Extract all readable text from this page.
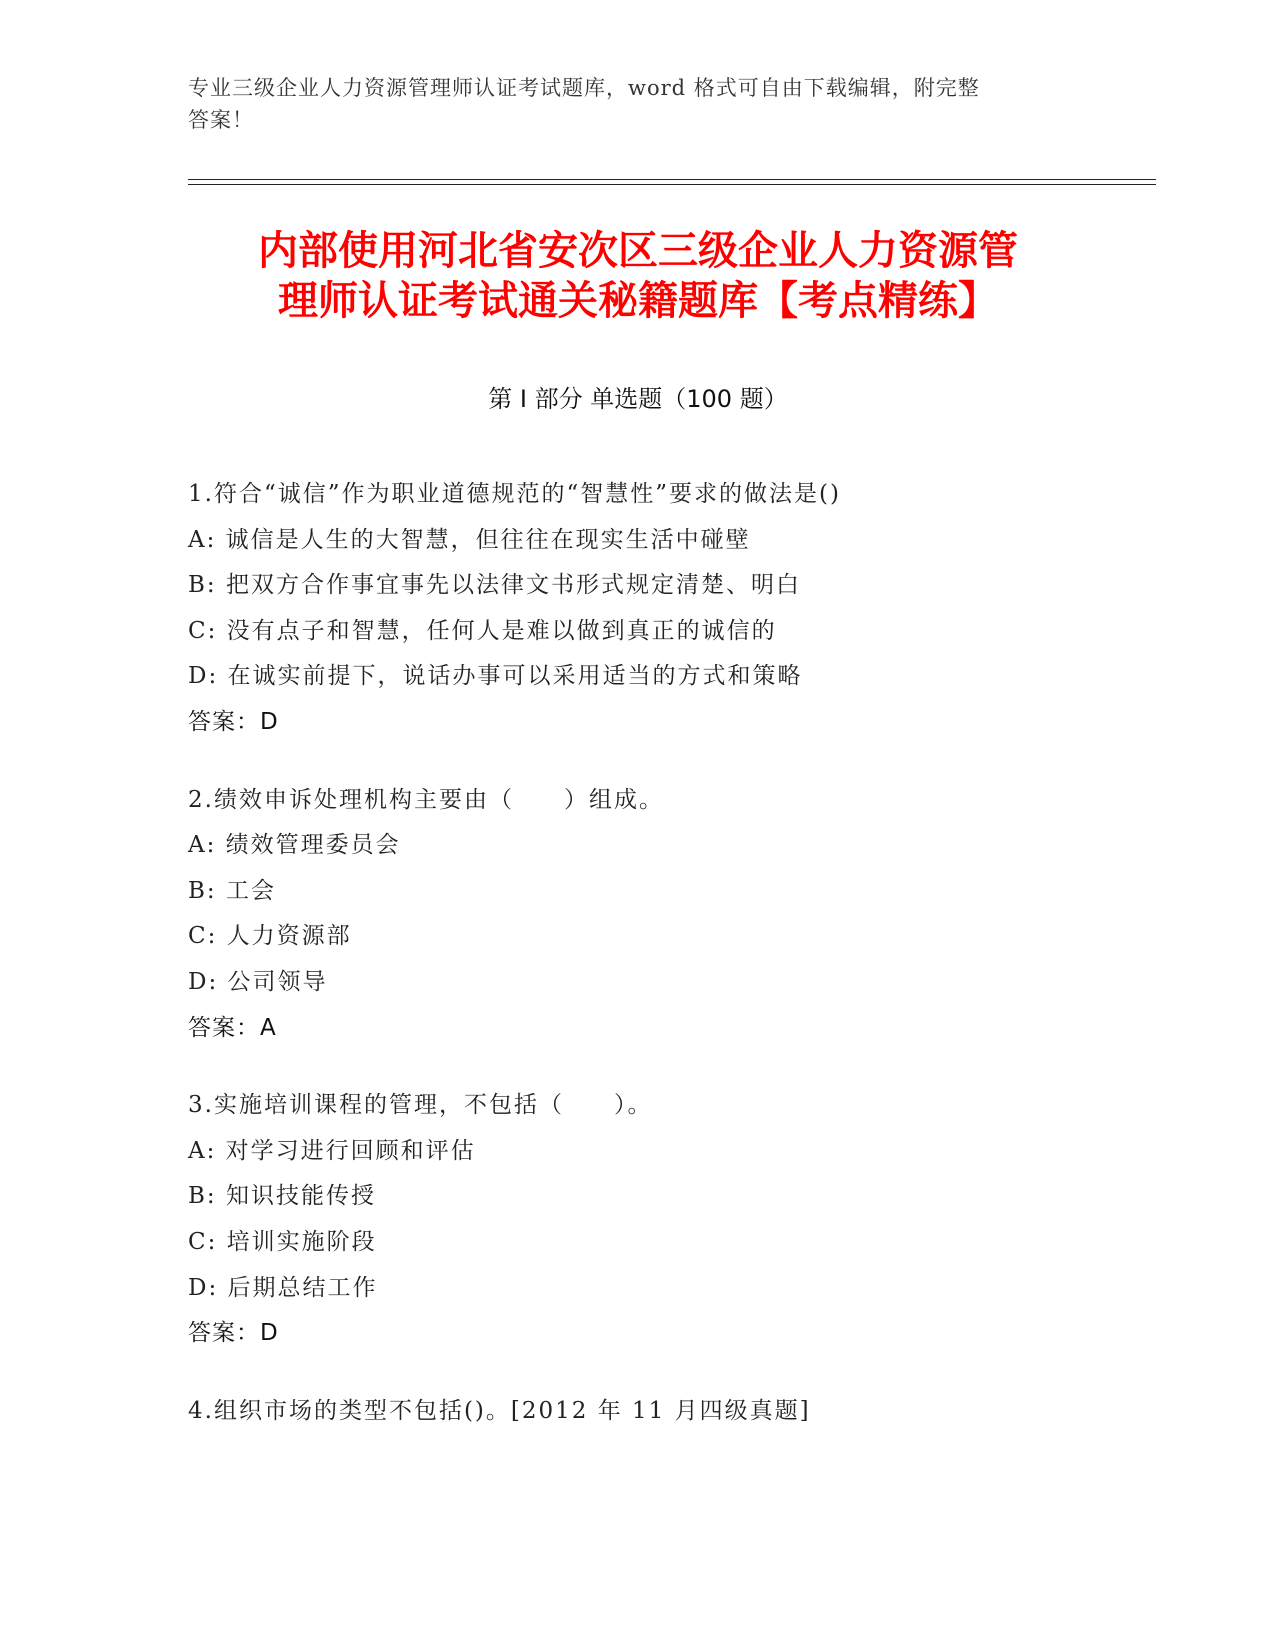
专业三级企业人力资源管理师认证考试题库，word 格式可自由下载编辑，附完整
答案！
内部使用河北省安次区三级企业人力资源管
理师认证考试通关秘籍题库【考点精练】
第 I 部分 单选题（100 题）
1.符合“诚信”作为职业道德规范的“智慧性”要求的做法是()
A: 诚信是人生的大智慧，但往往在现实生活中碰壁
B: 把双方合作事宜事先以法律文书形式规定清楚、明白
C: 没有点子和智慧，任何人是难以做到真正的诚信的
D: 在诚实前提下，说话办事可以采用适当的方式和策略
答案：D
2.绩效申诉处理机构主要由（　　）组成。
A: 绩效管理委员会
B: 工会
C: 人力资源部
D: 公司领导
答案：A
3.实施培训课程的管理，不包括（　　）。
A: 对学习进行回顾和评估
B: 知识技能传授
C: 培训实施阶段
D: 后期总结工作
答案：D
4.组织市场的类型不包括()。[2012 年 11 月四级真题]
